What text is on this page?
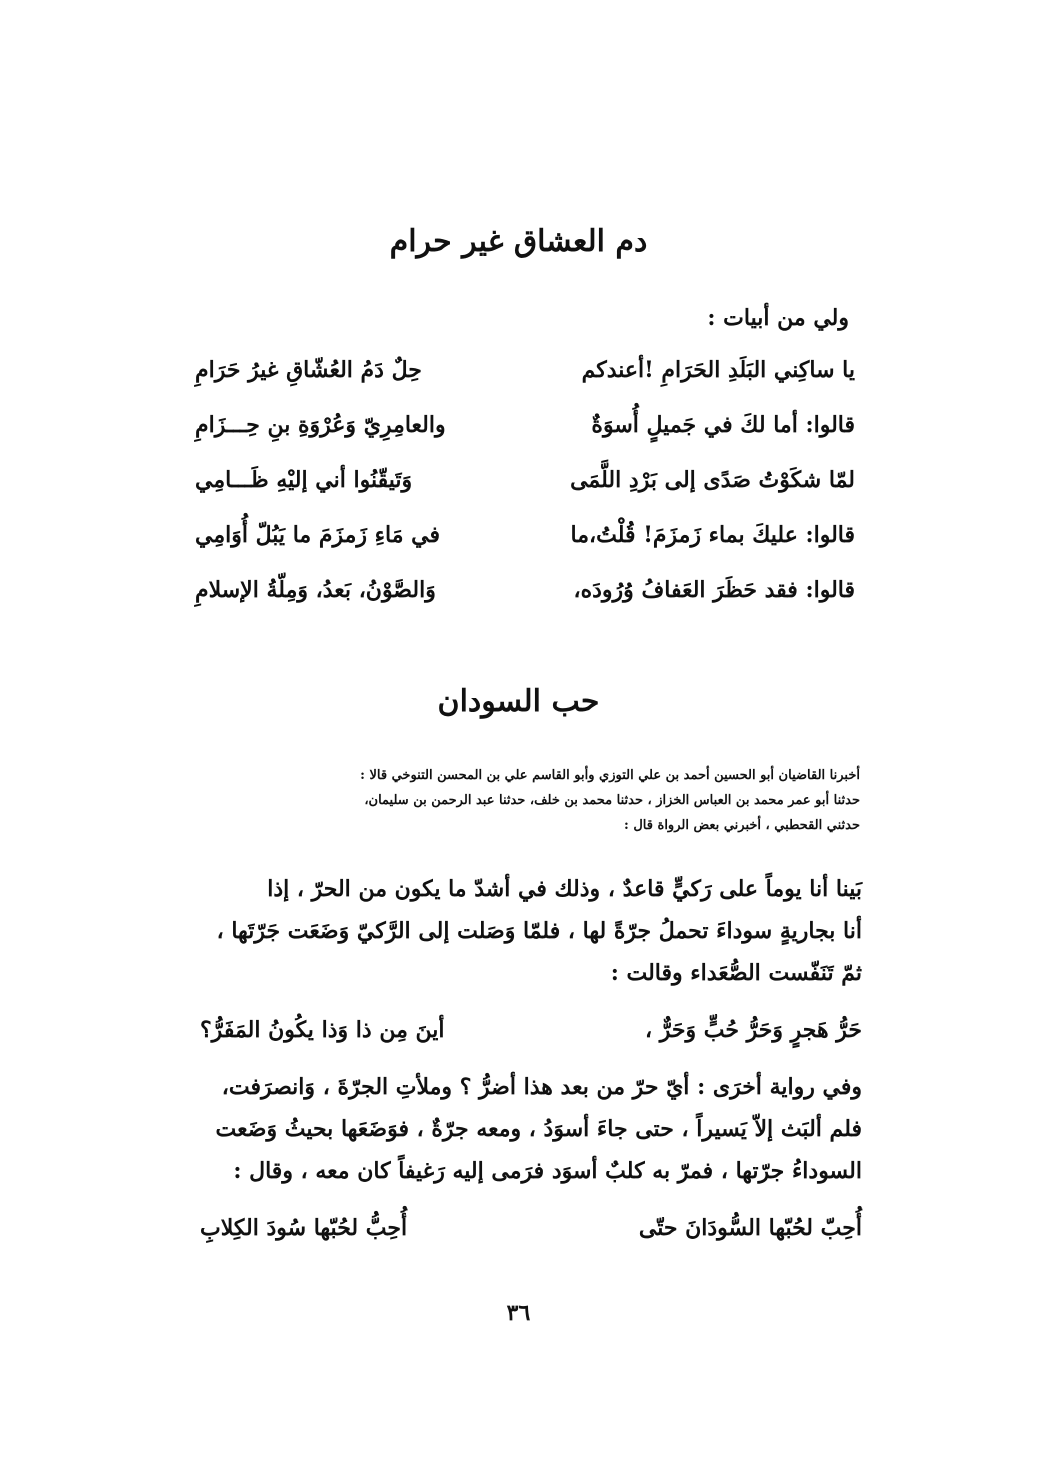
دم العشاق غير حرام
ولي من أبيات :
يا ساكِني البَلَدِ الحَرَامِ !أعندكم
حِلٌ دَمُ العُشّاقِ غيرُ حَرَامِ
قالوا: أما لكَ في جَميلٍ أُسوَةٌ
والعامِرِيّ وَعُرْوَةِ بنِ حِـــزَامِ
لمّا شكَوْتُ صَدًى إلى بَرْدِ اللَّمَى
وَتَيقّنُوا أني إليْهِ ظَـــامِي
قالوا: عليكَ بماء زَمزَمَ! قُلْتُ،ما
في مَاءِ زَمزَمَ ما يَبُلّ أُوَامِي
قالوا: فقد حَظَرَ العَفافُ وُرُودَه،
وَالصَّوْنُ، بَعدُ، وَمِلّةُ الإسلامِ
حب السودان

أخبرنا القاضيان أبو الحسين أحمد بن علي التوزي وأبو القاسم علي بن المحسن التنوخي قالا :

حدثنا أبو عمر محمد بن العباس الخزاز ، حدثنا محمد بن خلف، حدثنا عبد الرحمن بن سليمان،

حدثني القحطبي ، أخبرني بعض الرواة قال :

بَينا أنا يوماً على رَكيٍّ قاعدٌ ، وذلك في أشدّ ما يكون من الحرّ ، إذا

أنا بجاريةٍ سوداءَ تحملُ جرّةً لها ، فلمّا وَصَلت إلى الرَّكيّ وَضَعَت جَرّتَها ،

ثمّ تَنَفّست الصُّعَداء وقالت :

حَرُّ هَجرٍ وَحَرُّ حُبٍّ وَحَرٌّ ،
أينَ مِن ذا وَذا يكُونُ المَفَرُّ؟

وفي رواية أخرَى : أيّ حرّ من بعد هذا أضرُّ ؟ وملأتِ الجرّةَ ، وَانصرَفت،

فلم ألبَث إلاّ يَسيراً ، حتى جاءَ أسوَدُ ، ومعه جرّةٌ ، فوَضَعَها بحيثُ وَضَعت

السوداءُ جرّتها ، فمرّ به كلبٌ أسوَد فرَمى إليه رَغيفاً كان معه ، وقال :

أُحِبّ لحُبّها السُّودَانَ حتّى
أُحِبُّ لحُبّها سُودَ الكِلابِ
٣٦
